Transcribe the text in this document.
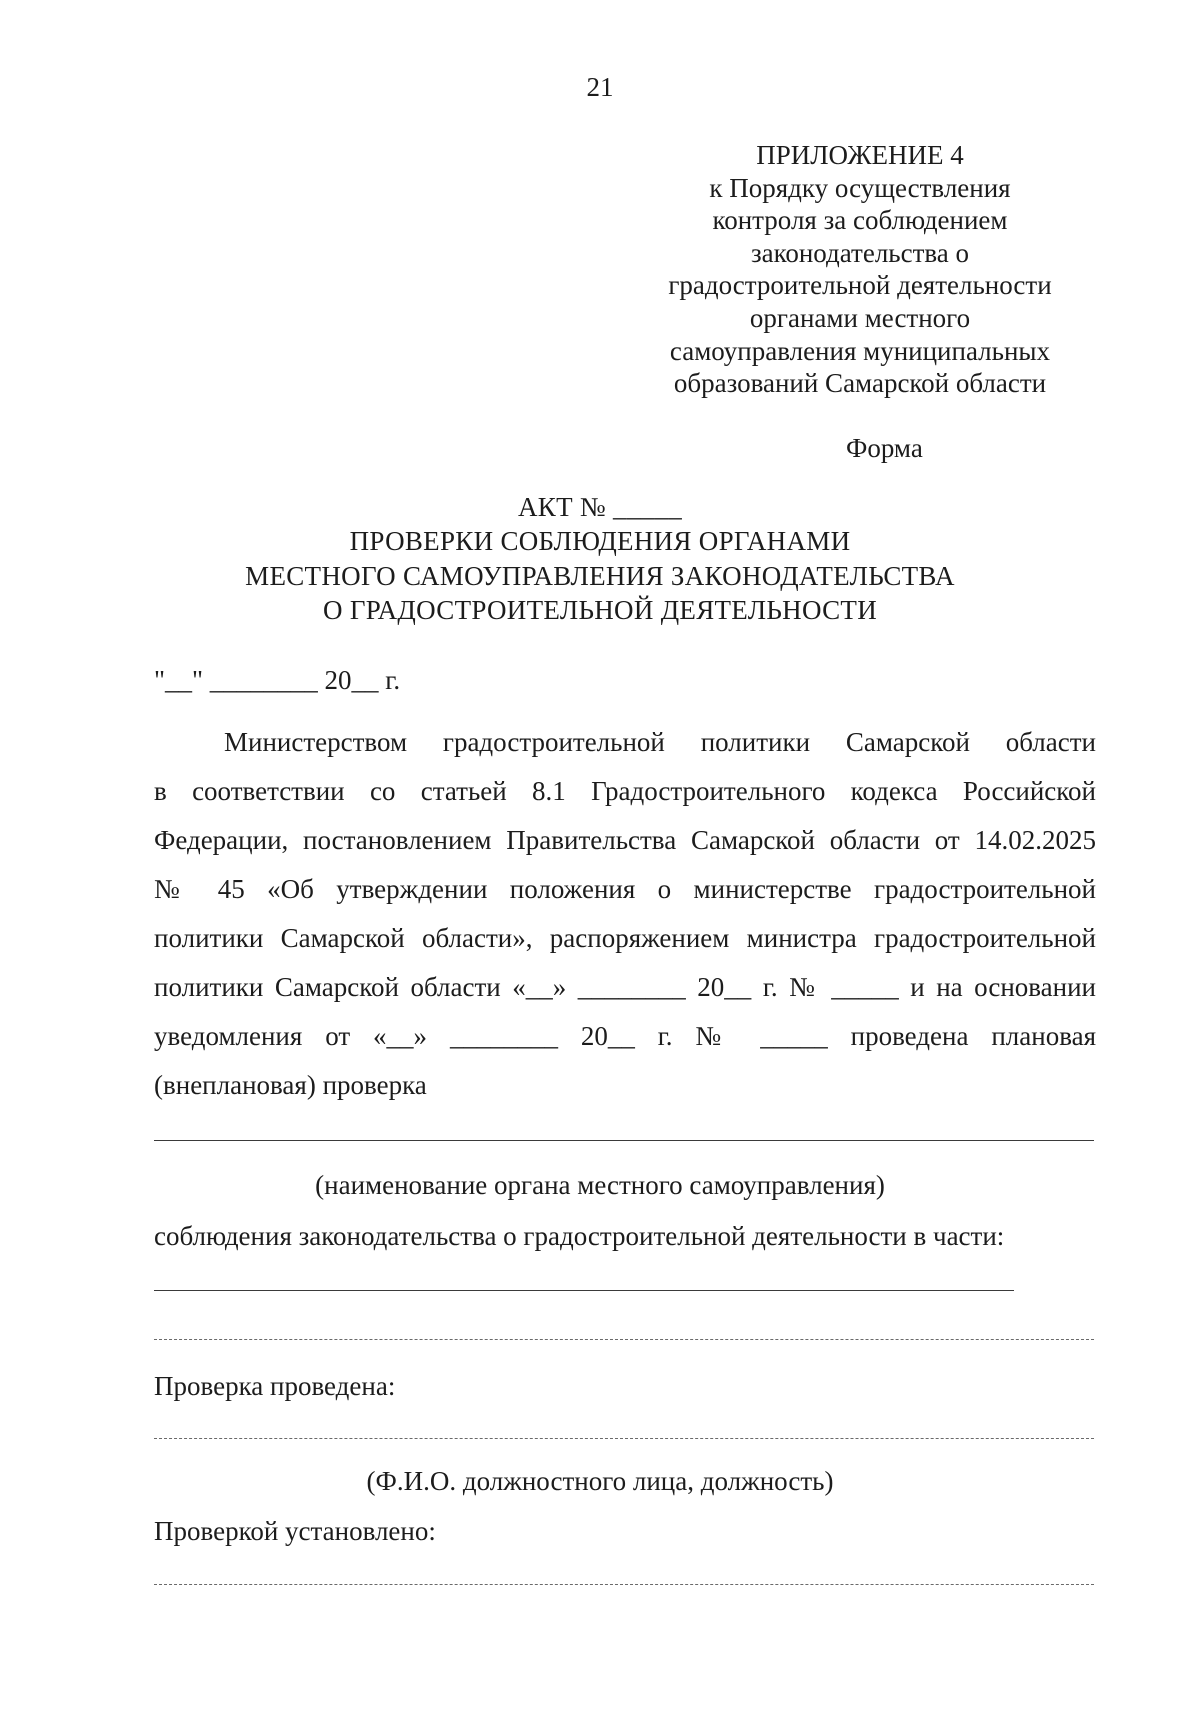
21
ПРИЛОЖЕНИЕ 4
к Порядку осуществления
контроля за соблюдением
законодательства о
градостроительной деятельности
органами местного
самоуправления муниципальных
образований Самарской области
Форма
АКТ № _____
ПРОВЕРКИ СОБЛЮДЕНИЯ ОРГАНАМИ
МЕСТНОГО САМОУПРАВЛЕНИЯ ЗАКОНОДАТЕЛЬСТВА
О ГРАДОСТРОИТЕЛЬНОЙ ДЕЯТЕЛЬНОСТИ
"__" ________ 20__ г.
Министерством градостроительной политики Самарской области
в соответствии со статьей 8.1 Градостроительного кодекса Российской
Федерации, постановлением Правительства Самарской области от 14.02.2025
№ 45 «Об утверждении положения о министерстве градостроительной
политики Самарской области», распоряжением министра градостроительной
политики Самарской области «__» ________ 20__ г. № _____ и на основании
уведомления от «__» ________ 20__ г. № _____ проведена плановая
(внеплановая) проверка
(наименование органа местного самоуправления)
соблюдения законодательства о градостроительной деятельности в части:
Проверка проведена:
(Ф.И.О. должностного лица, должность)
Проверкой установлено:
